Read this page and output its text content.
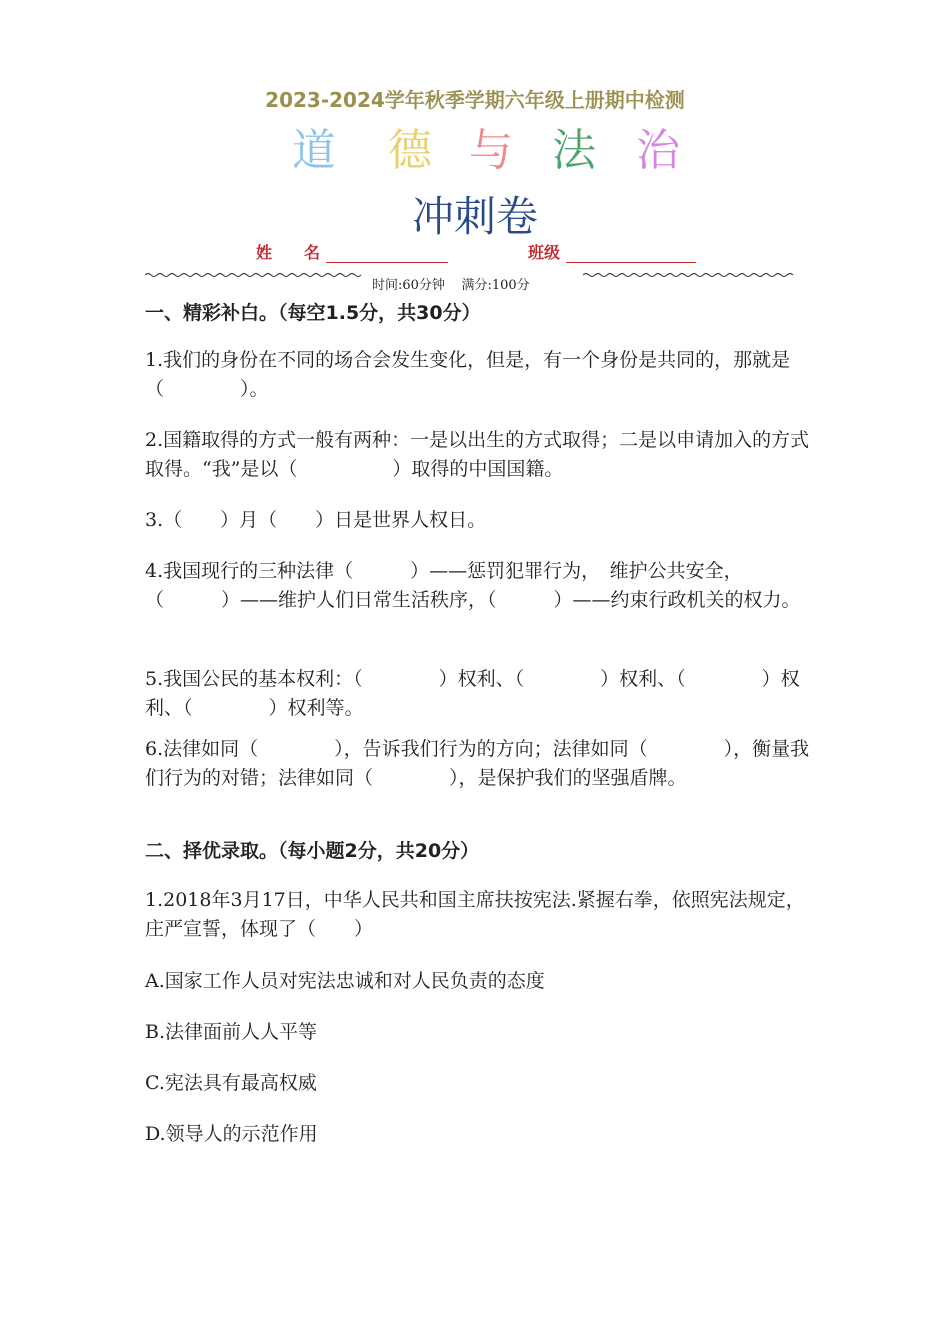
2023-2024学年秋季学期六年级上册期中检测
道 德 与 法 治
冲刺卷
姓　　名	班级
时间:60分钟    满分:100分
一、精彩补白。（每空1.5分，共30分）
1.我们的身份在不同的场合会发生变化，但是，有一个身份是共同的，那就是（　　　　）。
2.国籍取得的方式一般有两种：一是以出生的方式取得；二是以申请加入的方式取得。“我”是以（　　　　　）取得的中国国籍。
3.（　　）月（　　）日是世界人权日。
4.我国现行的三种法律（　　　）——惩罚犯罪行为，　维护公共安全，　　　　　（　　　）——维护人们日常生活秩序，（　　　）——约束行政机关的权力。
5.我国公民的基本权利：（　　　　）权利、（　　　　）权利、（　　　　）权利、（　　　　）权利等。
6.法律如同（　　　　），告诉我们行为的方向；法律如同（　　　　），衡量我们行为的对错；法律如同（　　　　），是保护我们的坚强盾牌。
二、择优录取。（每小题2分，共20分）
1.2018年3月17日，中华人民共和国主席扶按宪法.紧握右拳，依照宪法规定，庄严宣誓，体现了（　　）
A.国家工作人员对宪法忠诚和对人民负责的态度
B.法律面前人人平等
C.宪法具有最高权威
D.领导人的示范作用
